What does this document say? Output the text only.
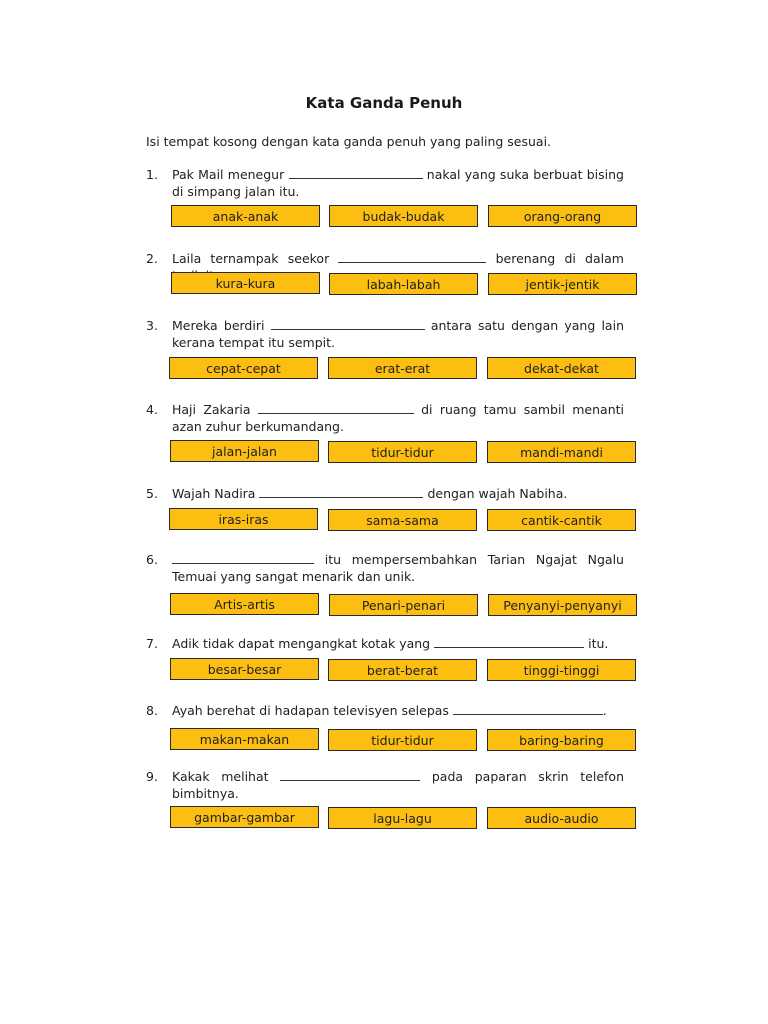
Kata Ganda Penuh
Isi tempat kosong dengan kata ganda penuh yang paling sesuai.
1. Pak Mail menegur	nakal yang suka berbuat bising di simpang jalan itu.
anak-anak	budak-budak	orang-orang
2. Laila ternampak seekor	berenang di dalam
kura-kura	labah-labah	jentik-jentik
3. Mereka berdiri	antara satu dengan yang lain kerana tempat itu sempit.
cepat-cepat	erat-erat	dekat-dekat
4. Haji Zakaria	di ruang tamu sambil menanti azan zuhur berkumandang.
jalan-jalan	tidur-tidur	mandi-mandi
5. Wajah Nadira	dengan wajah Nabiha.
iras-iras	sama-sama	cantik-cantik
6.	itu mempersembahkan Tarian Ngajat Ngalu Temuai yang sangat menarik dan unik.
Artis-artis	Penari-penari	Penyanyi-penyanyi
7. Adik tidak dapat mengangkat kotak yang	itu.
besar-besar	berat-berat	tinggi-tinggi
8. Ayah berehat di hadapan televisyen selepas	.
makan-makan	tidur-tidur	baring-baring
9. Kakak melihat	pada paparan skrin telefon bimbitnya.
gambar-gambar	lagu-lagu	audio-audio
